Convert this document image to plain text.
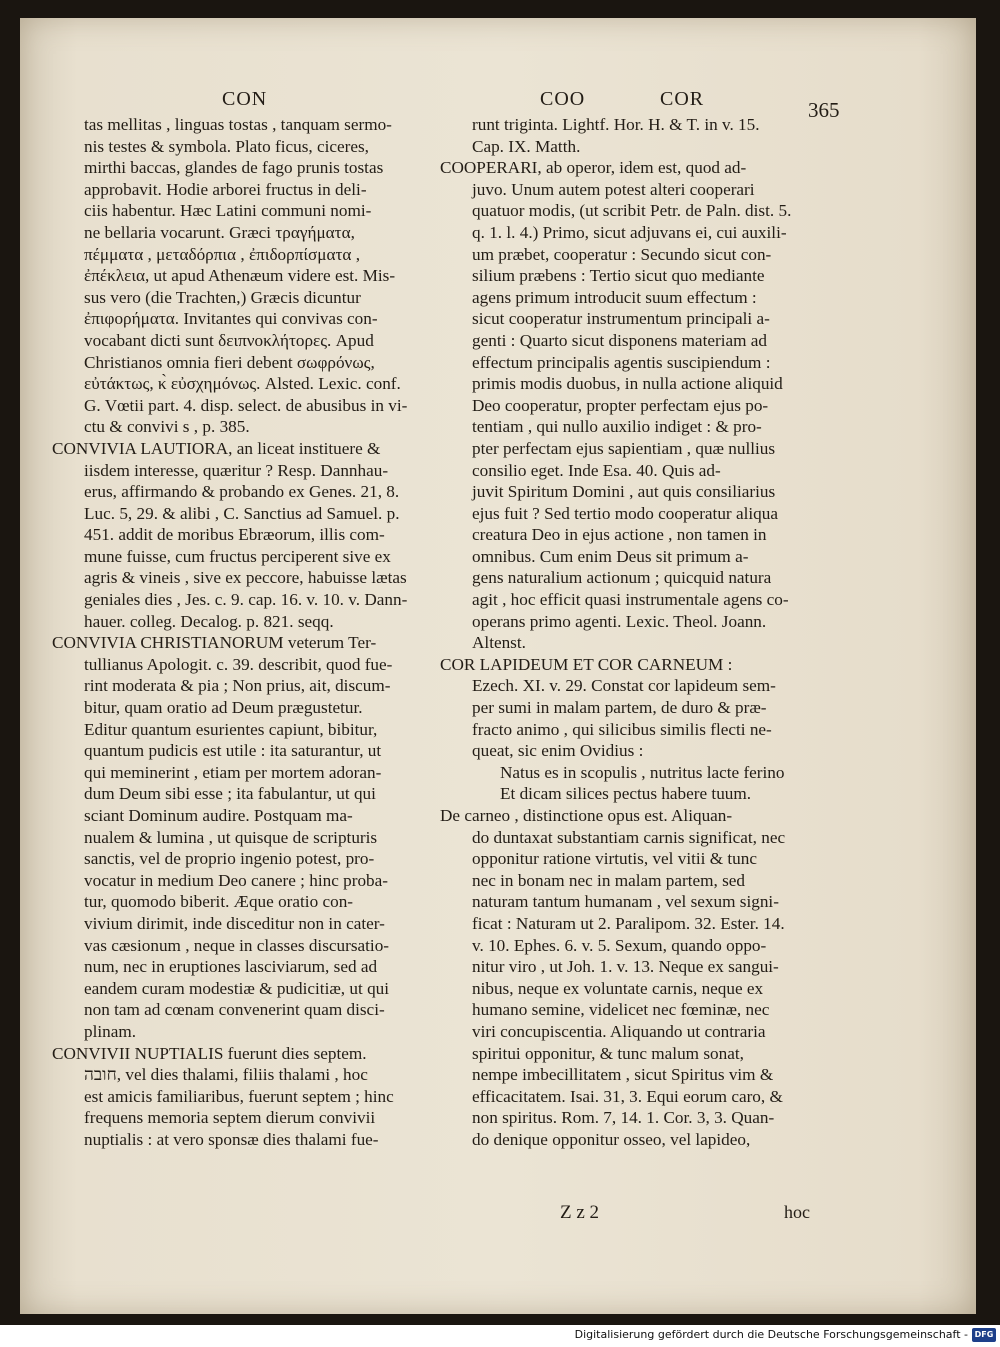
CON	COO	COR	365
tas mellitas , linguas tostas , tanquam sermo-
nis testes & symbola. Plato ficus, ciceres,
mirthi baccas, glandes de fago prunis tostas
approbavit. Hodie arborei fructus in deli-
ciis habentur. Hæc Latini communi nomi-
ne bellaria vocarunt. Græci τραγήματα,
πέμματα , μεταδόρπια , ἐπιδορπίσματα ,
ἐπέκλεια, ut apud Athenæum videre est. Mis-
sus vero (die Trachten,) Græcis dicuntur
ἐπιφορήματα. Invitantes qui convivas con-
vocabant dicti sunt δειπνοκλήτορες. Apud
Christianos omnia fieri debent σωφρόνως,
εὐτάκτως, κ̀ εὐσχημόνως. Alsted. Lexic. conf.
G. Vœtii part. 4. disp. select. de abusibus in vi-
ctu & convivi s , p. 385.
CONVIVIA LAUTIORA, an liceat instituere &
iisdem interesse, quæritur ? Resp. Dannhau-
erus, affirmando & probando ex Genes. 21, 8.
Luc. 5, 29. & alibi , C. Sanctius ad Samuel. p.
451. addit de moribus Ebræorum, illis com-
mune fuisse, cum fructus perciperent sive ex
agris & vineis , sive ex peccore, habuisse lætas
geniales dies , Jes. c. 9. cap. 16. v. 10. v. Dann-
hauer. colleg. Decalog. p. 821. seqq.
CONVIVIA CHRISTIANORUM veterum Ter-
tullianus Apologit. c. 39. describit, quod fue-
rint moderata & pia ; Non prius, ait, discum-
bitur, quam oratio ad Deum prægustetur.
Editur quantum esurientes capiunt, bibitur,
quantum pudicis est utile : ita saturantur, ut
qui meminerint , etiam per mortem adoran-
dum Deum sibi esse ; ita fabulantur, ut qui
sciant Dominum audire. Postquam ma-
nualem & lumina , ut quisque de scripturis
sanctis, vel de proprio ingenio potest, pro-
vocatur in medium Deo canere ; hinc proba-
tur, quomodo biberit. Æque oratio con-
vivium dirimit, inde disceditur non in cater-
vas cæsionum , neque in classes discursatio-
num, nec in eruptiones lasciviarum, sed ad
eandem curam modestiæ & pudicitiæ, ut qui
non tam ad cœnam convenerint quam disci-
plinam.
CONVIVII NUPTIALIS fuerunt dies septem.
חובה, vel dies thalami, filiis thalami , hoc
est amicis familiaribus, fuerunt septem ; hinc
frequens memoria septem dierum convivii
nuptialis : at vero sponsæ dies thalami fue-
runt triginta. Lightf. Hor. H. & T. in v. 15.
Cap. IX. Matth.
COOPERARI, ab operor, idem est, quod ad-
juvo. Unum autem potest alteri cooperari
quatuor modis, (ut scribit Petr. de Paln. dist. 5.
q. 1. l. 4.) Primo, sicut adjuvans ei, cui auxili-
um præbet, cooperatur : Secundo sicut con-
silium præbens : Tertio sicut quo mediante
agens primum introducit suum effectum :
sicut cooperatur instrumentum principali a-
genti : Quarto sicut disponens materiam ad
effectum principalis agentis suscipiendum :
primis modis duobus, in nulla actione aliquid
Deo cooperatur, propter perfectam ejus po-
tentiam , qui nullo auxilio indiget : & pro-
pter perfectam ejus sapientiam , quæ nullius
consilio eget. Inde Esa. 40. Quis ad-
juvit Spiritum Domini , aut quis consiliarius
ejus fuit ? Sed tertio modo cooperatur aliqua
creatura Deo in ejus actione , non tamen in
omnibus. Cum enim Deus sit primum a-
gens naturalium actionum ; quicquid natura
agit , hoc efficit quasi instrumentale agens co-
operans primo agenti. Lexic. Theol. Joann.
Altenst.
COR LAPIDEUM ET COR CARNEUM :
Ezech. XI. v. 29. Constat cor lapideum sem-
per sumi in malam partem, de duro & præ-
fracto animo , qui silicibus similis flecti ne-
queat, sic enim Ovidius :
Natus es in scopulis , nutritus lacte ferino
Et dicam silices pectus habere tuum.
De carneo , distinctione opus est. Aliquan-
do duntaxat substantiam carnis significat, nec
opponitur ratione virtutis, vel vitii & tunc
nec in bonam nec in malam partem, sed
naturam tantum humanam , vel sexum signi-
ficat : Naturam ut 2. Paralipom. 32. Ester. 14.
v. 10. Ephes. 6. v. 5. Sexum, quando oppo-
nitur viro , ut Joh. 1. v. 13. Neque ex sangui-
nibus, neque ex voluntate carnis, neque ex
humano semine, videlicet nec fœminæ, nec
viri concupiscentia. Aliquando ut contraria
spiritui opponitur, & tunc malum sonat,
nempe imbecillitatem , sicut Spiritus vim &
efficacitatem. Isai. 31, 3. Equi eorum caro, &
non spiritus. Rom. 7, 14. 1. Cor. 3, 3. Quan-
do denique opponitur osseo, vel lapideo,
Z z 2	hoc
Digitalisierung gefördert durch die Deutsche Forschungsgemeinschaft - DFG
